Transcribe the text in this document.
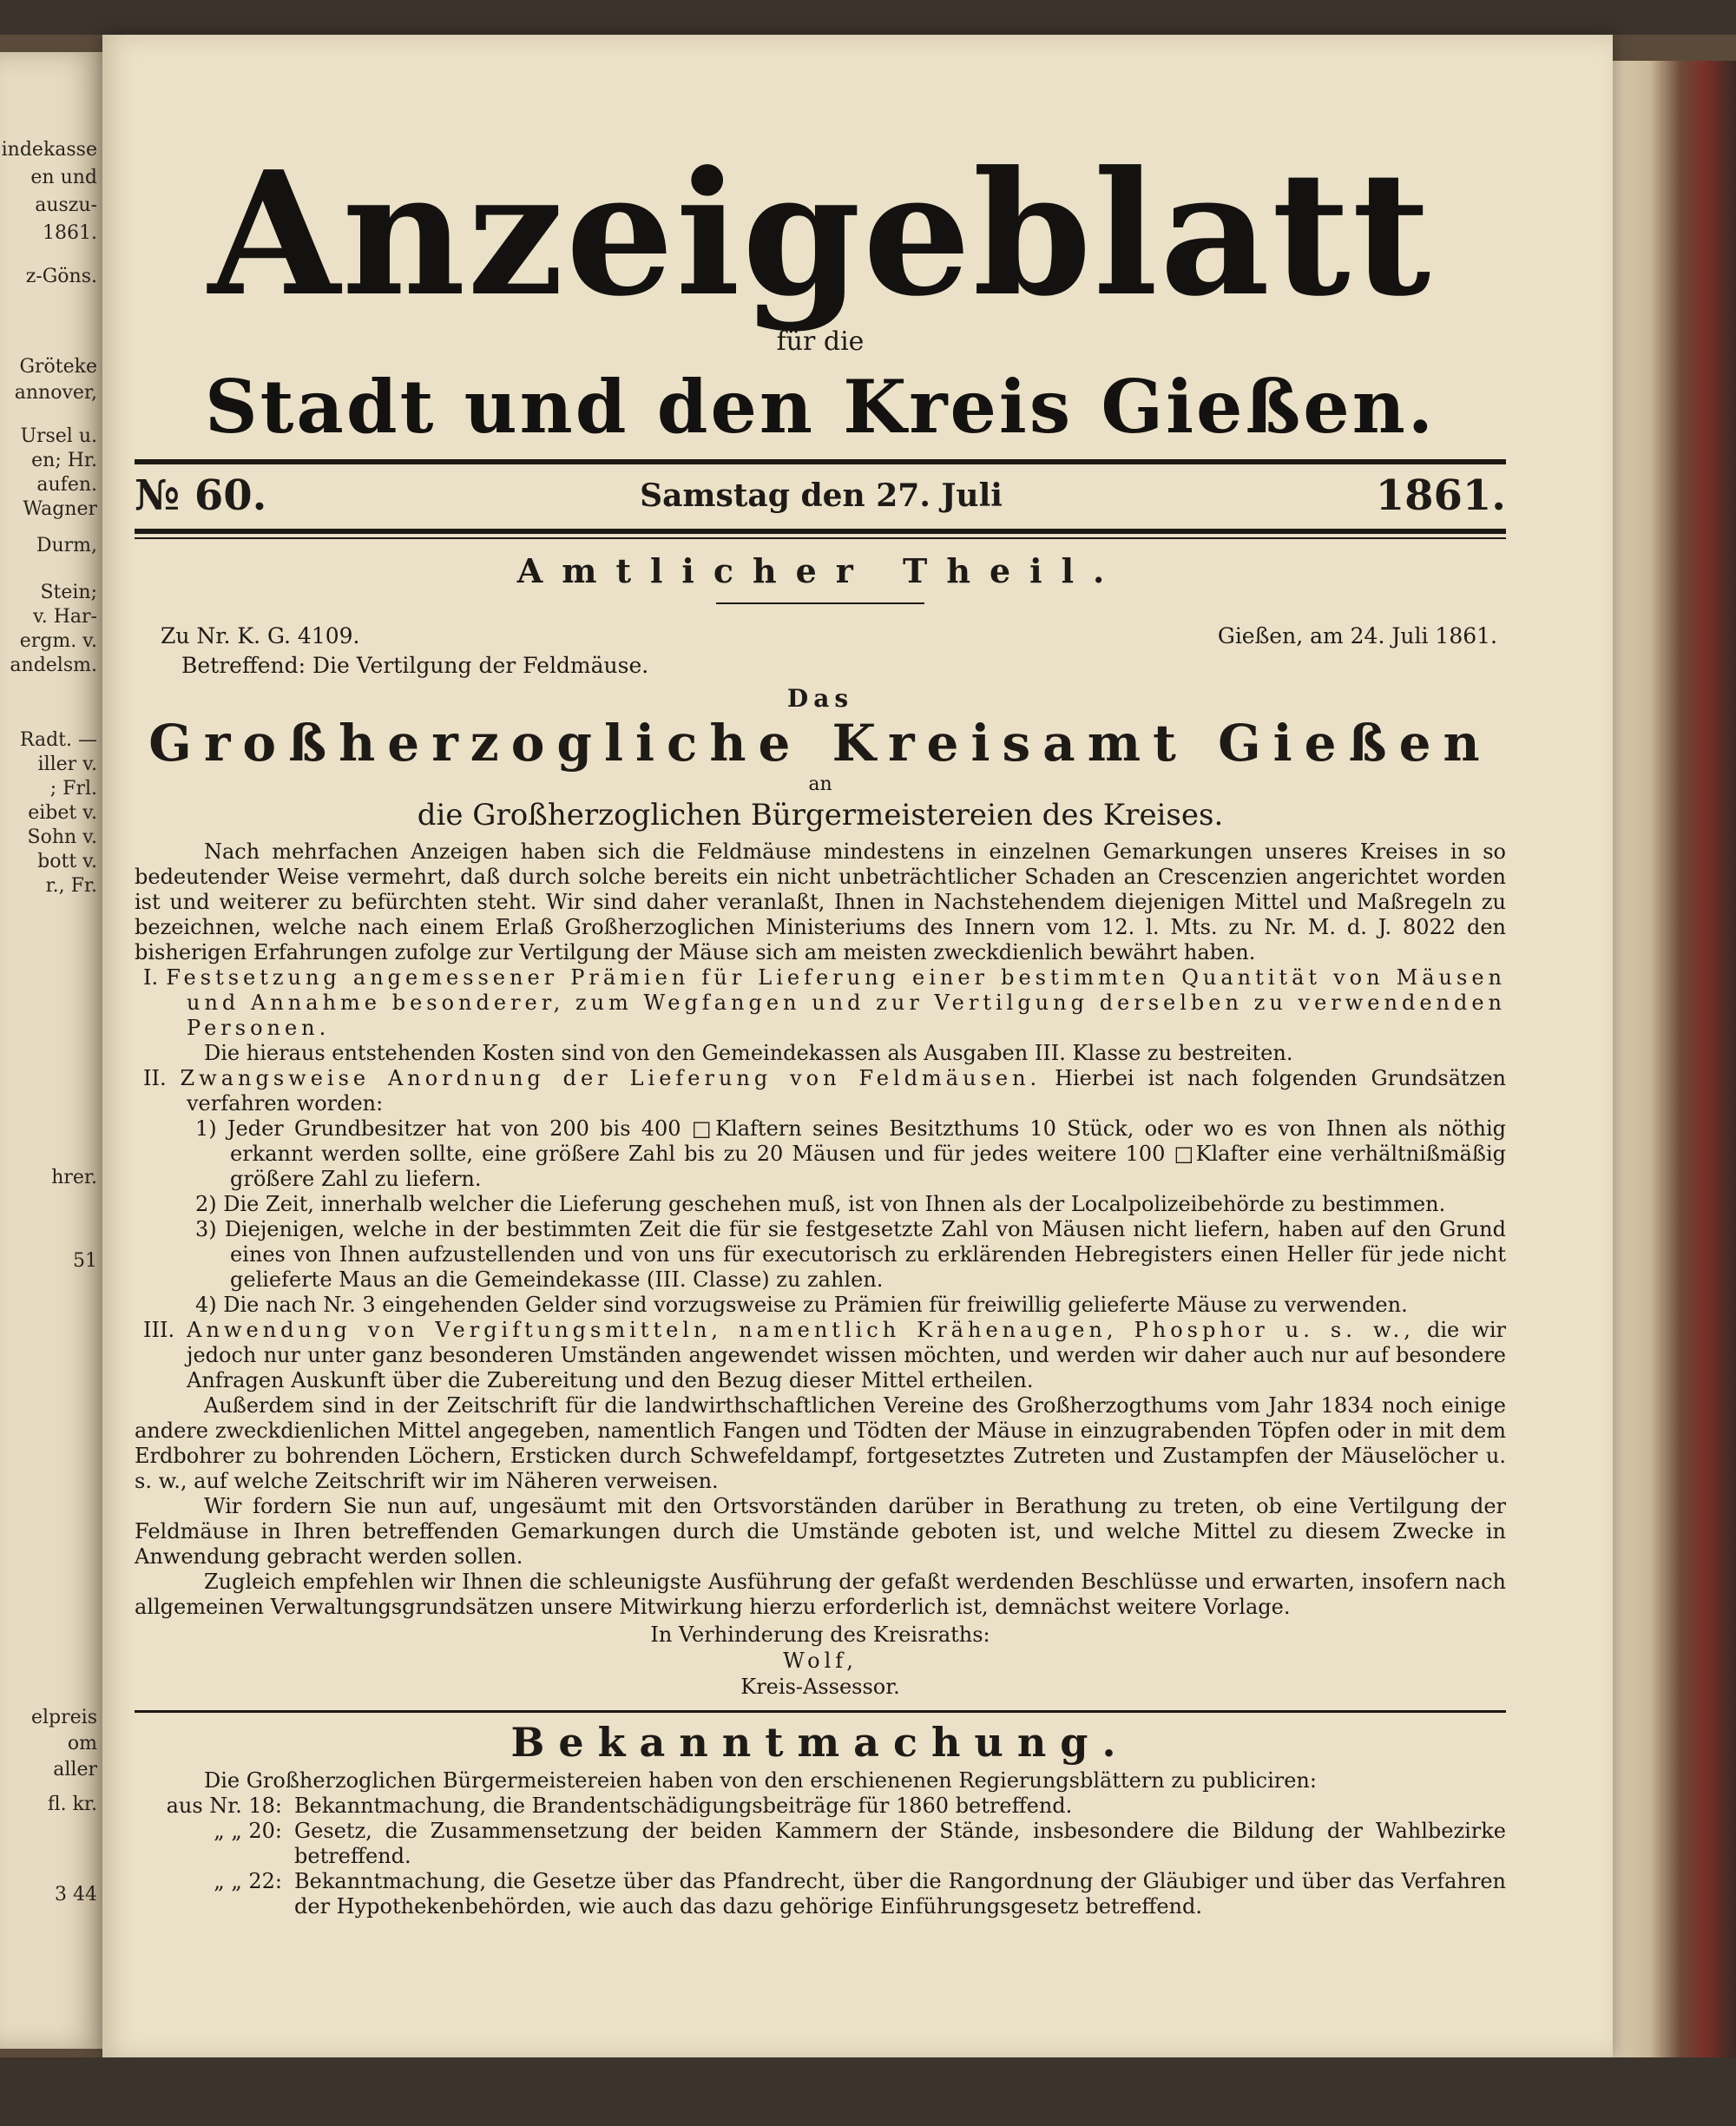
indekasse
en und
auszu-
1861.
z-Göns.
Gröteke
annover,
Ursel u.
en; Hr.
aufen.
Wagner
Durm,
Stein;
v. Har-
ergm. v.
andelsm.
Radt. —
iller v.
; Frl.
eibet v.
Sohn v.
bott v.
r., Fr.
hrer.
51
elpreis
om
aller
fl. kr.
3 44
Anzeigeblatt
für die
Stadt und den Kreis Gießen.
№ 60.	Samstag den 27. Juli	1861.
Amtlicher Theil.
Zu Nr. K. G. 4109.	Gießen, am 24. Juli 1861.
Betreffend: Die Vertilgung der Feldmäuse.
Das
Großherzogliche Kreisamt Gießen
an
die Großherzoglichen Bürgermeistereien des Kreises.

Nach mehrfachen Anzeigen haben sich die Feldmäuse mindestens in einzelnen Gemarkungen unseres Kreises in so bedeutender Weise vermehrt, daß durch solche bereits ein nicht unbeträchtlicher Schaden an Crescenzien angerichtet worden ist und weiterer zu befürchten steht. Wir sind daher veranlaßt, Ihnen in Nachstehendem diejenigen Mittel und Maßregeln zu bezeichnen, welche nach einem Erlaß Großherzoglichen Ministeriums des Innern vom 12. l. Mts. zu Nr. M. d. J. 8022 den bisherigen Erfahrungen zufolge zur Vertilgung der Mäuse sich am meisten zweckdienlich bewährt haben.

I. Festsetzung angemessener Prämien für Lieferung einer bestimmten Quantität von Mäusen und Annahme besonderer, zum Wegfangen und zur Vertilgung derselben zu verwendenden Personen.

Die hieraus entstehenden Kosten sind von den Gemeindekassen als Ausgaben III. Klasse zu bestreiten.

II. Zwangsweise Anordnung der Lieferung von Feldmäusen. Hierbei ist nach folgenden Grundsätzen verfahren worden:

1) Jeder Grundbesitzer hat von 200 bis 400 □Klaftern seines Besitzthums 10 Stück, oder wo es von Ihnen als nöthig erkannt werden sollte, eine größere Zahl bis zu 20 Mäusen und für jedes weitere 100 □Klafter eine verhältnißmäßig größere Zahl zu liefern.

2) Die Zeit, innerhalb welcher die Lieferung geschehen muß, ist von Ihnen als der Localpolizeibehörde zu bestimmen.

3) Diejenigen, welche in der bestimmten Zeit die für sie festgesetzte Zahl von Mäusen nicht liefern, haben auf den Grund eines von Ihnen aufzustellenden und von uns für executorisch zu erklärenden Hebregisters einen Heller für jede nicht gelieferte Maus an die Gemeindekasse (III. Classe) zu zahlen.

4) Die nach Nr. 3 eingehenden Gelder sind vorzugsweise zu Prämien für freiwillig gelieferte Mäuse zu verwenden.

III. Anwendung von Vergiftungsmitteln, namentlich Krähenaugen, Phosphor u. s. w., die wir jedoch nur unter ganz besonderen Umständen angewendet wissen möchten, und werden wir daher auch nur auf besondere Anfragen Auskunft über die Zubereitung und den Bezug dieser Mittel ertheilen.

Außerdem sind in der Zeitschrift für die landwirthschaftlichen Vereine des Großherzogthums vom Jahr 1834 noch einige andere zweckdienlichen Mittel angegeben, namentlich Fangen und Tödten der Mäuse in einzugrabenden Töpfen oder in mit dem Erdbohrer zu bohrenden Löchern, Ersticken durch Schwefeldampf, fortgesetztes Zutreten und Zustampfen der Mäuselöcher u. s. w., auf welche Zeitschrift wir im Näheren verweisen.

Wir fordern Sie nun auf, ungesäumt mit den Ortsvorständen darüber in Berathung zu treten, ob eine Vertilgung der Feldmäuse in Ihren betreffenden Gemarkungen durch die Umstände geboten ist, und welche Mittel zu diesem Zwecke in Anwendung gebracht werden sollen.

Zugleich empfehlen wir Ihnen die schleunigste Ausführung der gefaßt werdenden Beschlüsse und erwarten, insofern nach allgemeinen Verwaltungsgrundsätzen unsere Mitwirkung hierzu erforderlich ist, demnächst weitere Vorlage.

In Verhinderung des Kreisraths:
Wolf,
Kreis-Assessor.
Bekanntmachung.

Die Großherzoglichen Bürgermeistereien haben von den erschienenen Regierungsblättern zu publiciren:

aus Nr. 18: Bekanntmachung, die Brandentschädigungsbeiträge für 1860 betreffend.
„ „ 20: Gesetz, die Zusammensetzung der beiden Kammern der Stände, insbesondere die Bildung der Wahlbezirke betreffend.
„ „ 22: Bekanntmachung, die Gesetze über das Pfandrecht, über die Rangordnung der Gläubiger und über das Verfahren der Hypothekenbehörden, wie auch das dazu gehörige Einführungsgesetz betreffend.
